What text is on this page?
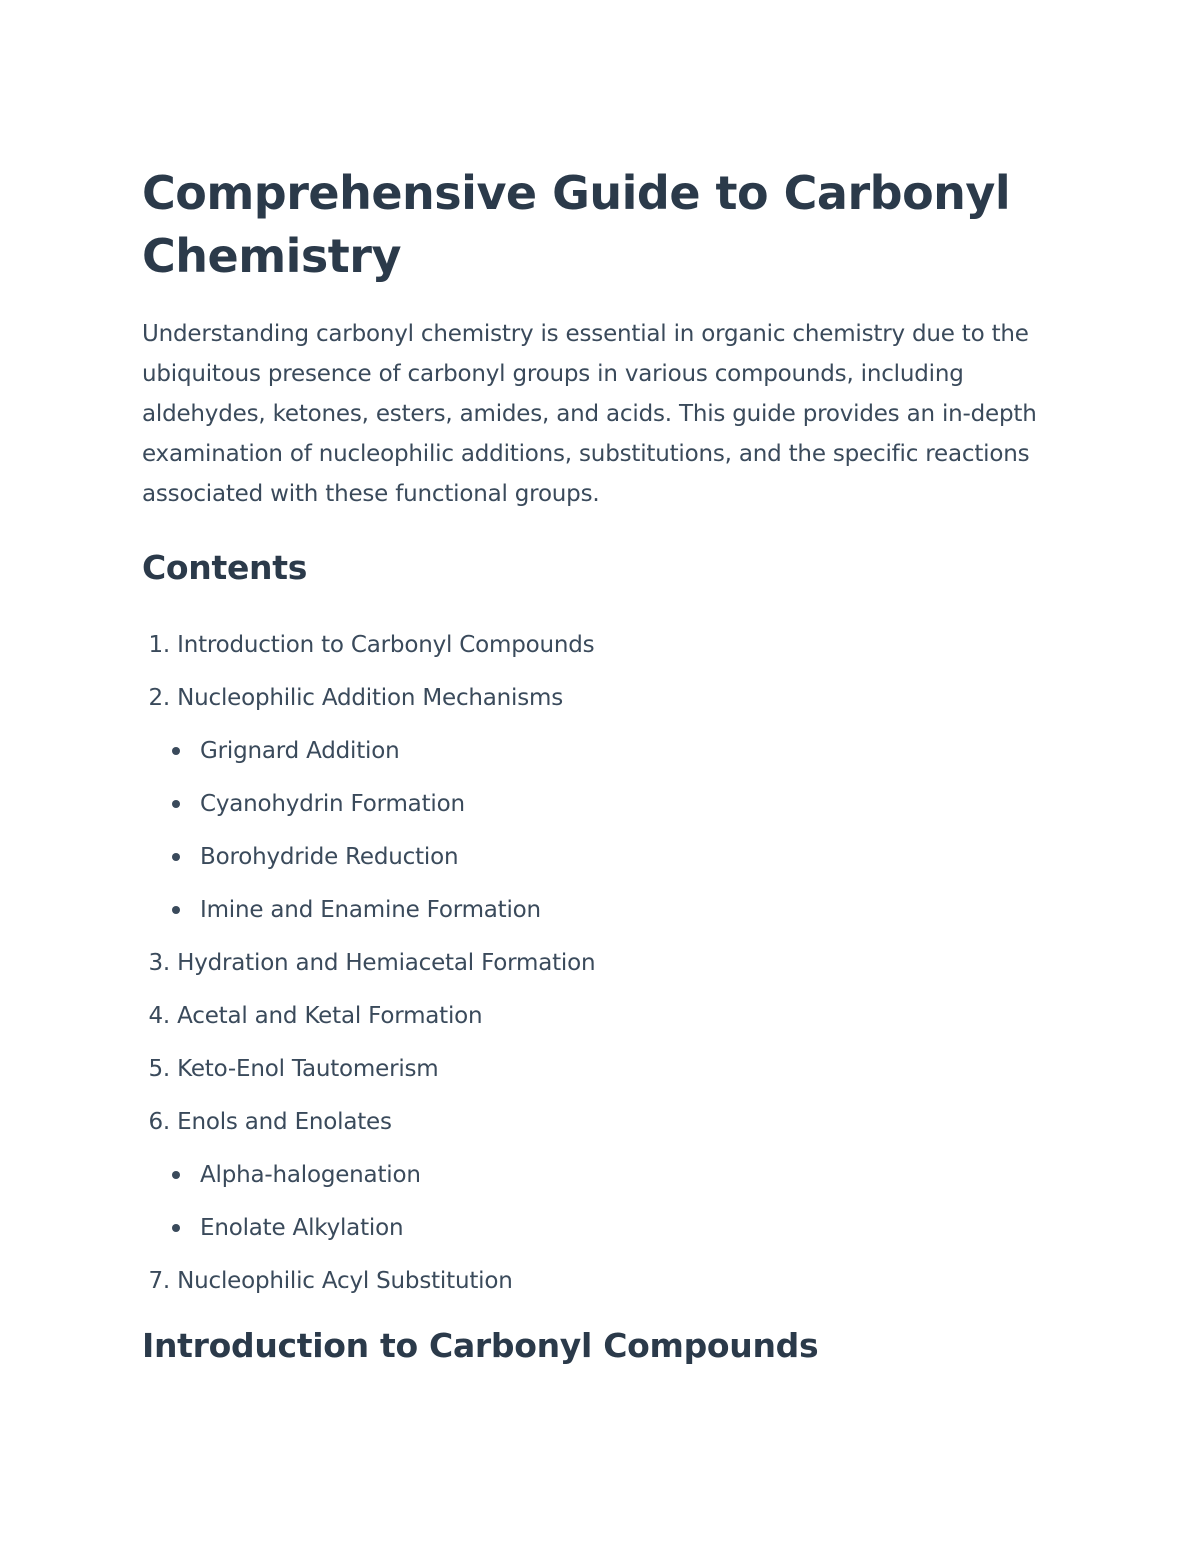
Comprehensive Guide to Carbonyl Chemistry

Understanding carbonyl chemistry is essential in organic chemistry due to the ubiquitous presence of carbonyl groups in various compounds, including aldehydes, ketones, esters, amides, and acids. This guide provides an in-depth examination of nucleophilic additions, substitutions, and the specific reactions associated with these functional groups.

Contents
1. Introduction to Carbonyl Compounds
2. Nucleophilic Addition Mechanisms
Grignard Addition
Cyanohydrin Formation
Borohydride Reduction
Imine and Enamine Formation
3. Hydration and Hemiacetal Formation
4. Acetal and Ketal Formation
5. Keto-Enol Tautomerism
6. Enols and Enolates
Alpha-halogenation
Enolate Alkylation
7. Nucleophilic Acyl Substitution
Introduction to Carbonyl Compounds
